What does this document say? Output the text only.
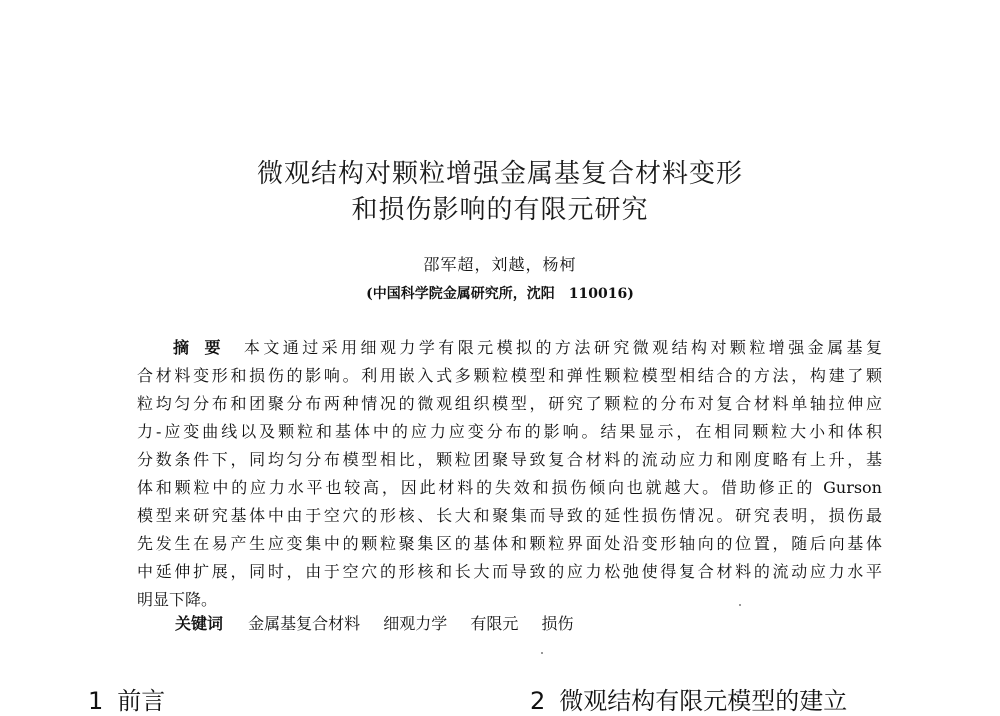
微观结构对颗粒增强金属基复合材料变形
和损伤影响的有限元研究
邵军超，刘越，杨柯
(中国科学院金属研究所，沈阳　110016)
摘要 本文通过采用细观力学有限元模拟的方法研究微观结构对颗粒增强金属基复
合材料变形和损伤的影响。利用嵌入式多颗粒模型和弹性颗粒模型相结合的方法，构建了颗
粒均匀分布和团聚分布两种情况的微观组织模型，研究了颗粒的分布对复合材料单轴拉伸应
力-应变曲线以及颗粒和基体中的应力应变分布的影响。结果显示，在相同颗粒大小和体积
分数条件下，同均匀分布模型相比，颗粒团聚导致复合材料的流动应力和刚度略有上升，基
体和颗粒中的应力水平也较高，因此材料的失效和损伤倾向也就越大。借助修正的 Gurson
模型来研究基体中由于空穴的形核、长大和聚集而导致的延性损伤情况。研究表明，损伤最
先发生在易产生应变集中的颗粒聚集区的基体和颗粒界面处沿变形轴向的位置，随后向基体
中延伸扩展，同时，由于空穴的形核和长大而导致的应力松弛使得复合材料的流动应力水平
明显下降。
关键词 金属基复合材料 细观力学 有限元 损伤
1 前言	2 微观结构有限元模型的建立
